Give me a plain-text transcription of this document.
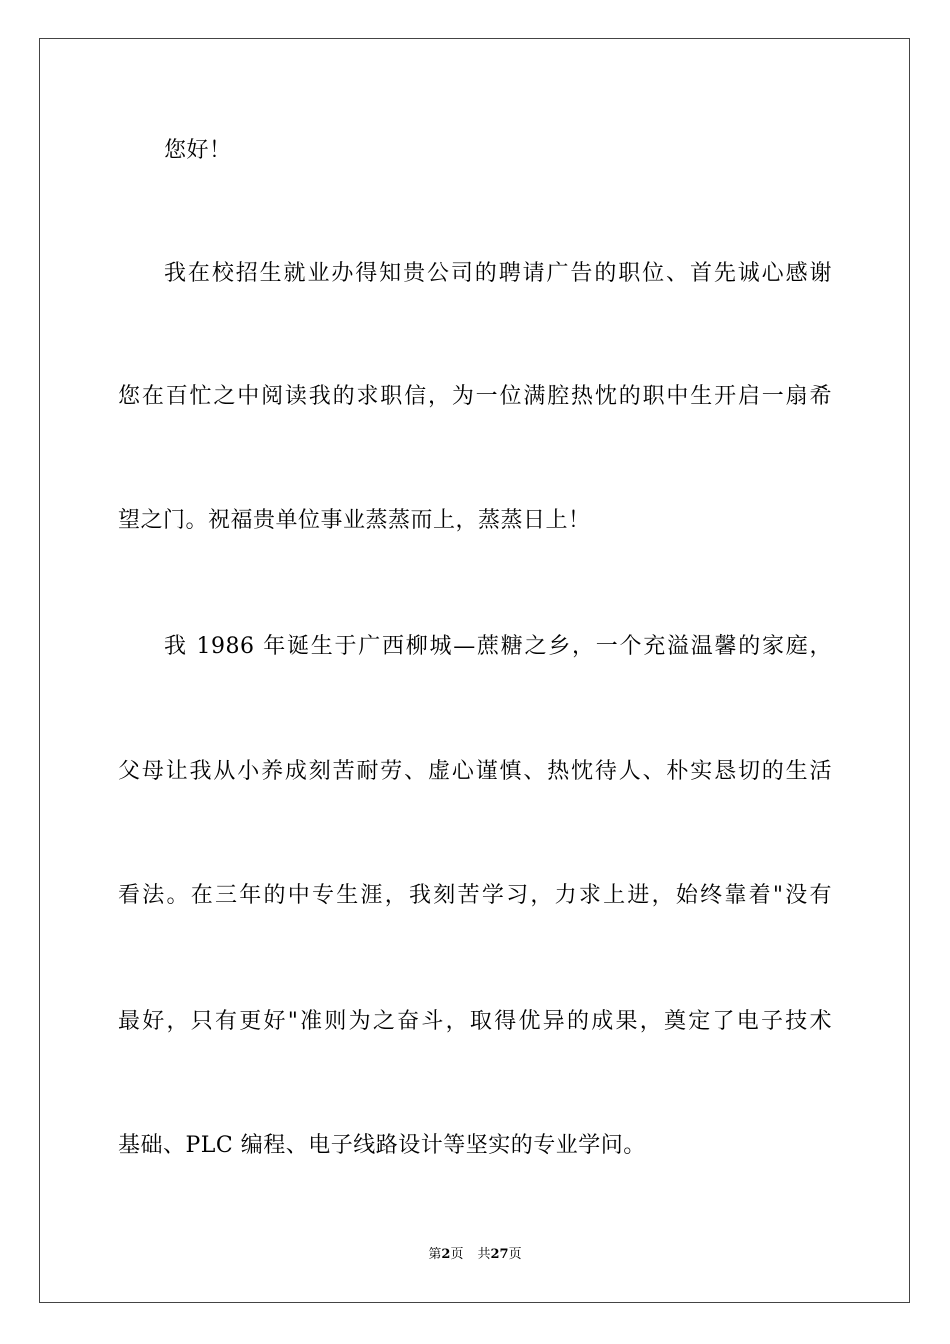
您好！
我在校招生就业办得知贵公司的聘请广告的职位、首先诚心感谢
您在百忙之中阅读我的求职信，为一位满腔热忱的职中生开启一扇希
望之门。祝福贵单位事业蒸蒸而上，蒸蒸日上！
我 1986 年诞生于广西柳城—蔗糖之乡，一个充溢温馨的家庭，
父母让我从小养成刻苦耐劳、虚心谨慎、热忱待人、朴实恳切的生活
看法。在三年的中专生涯，我刻苦学习，力求上进，始终靠着"没有
最好，只有更好"准则为之奋斗，取得优异的成果，奠定了电子技术
基础、PLC 编程、电子线路设计等坚实的专业学问。
第2页 共27页
